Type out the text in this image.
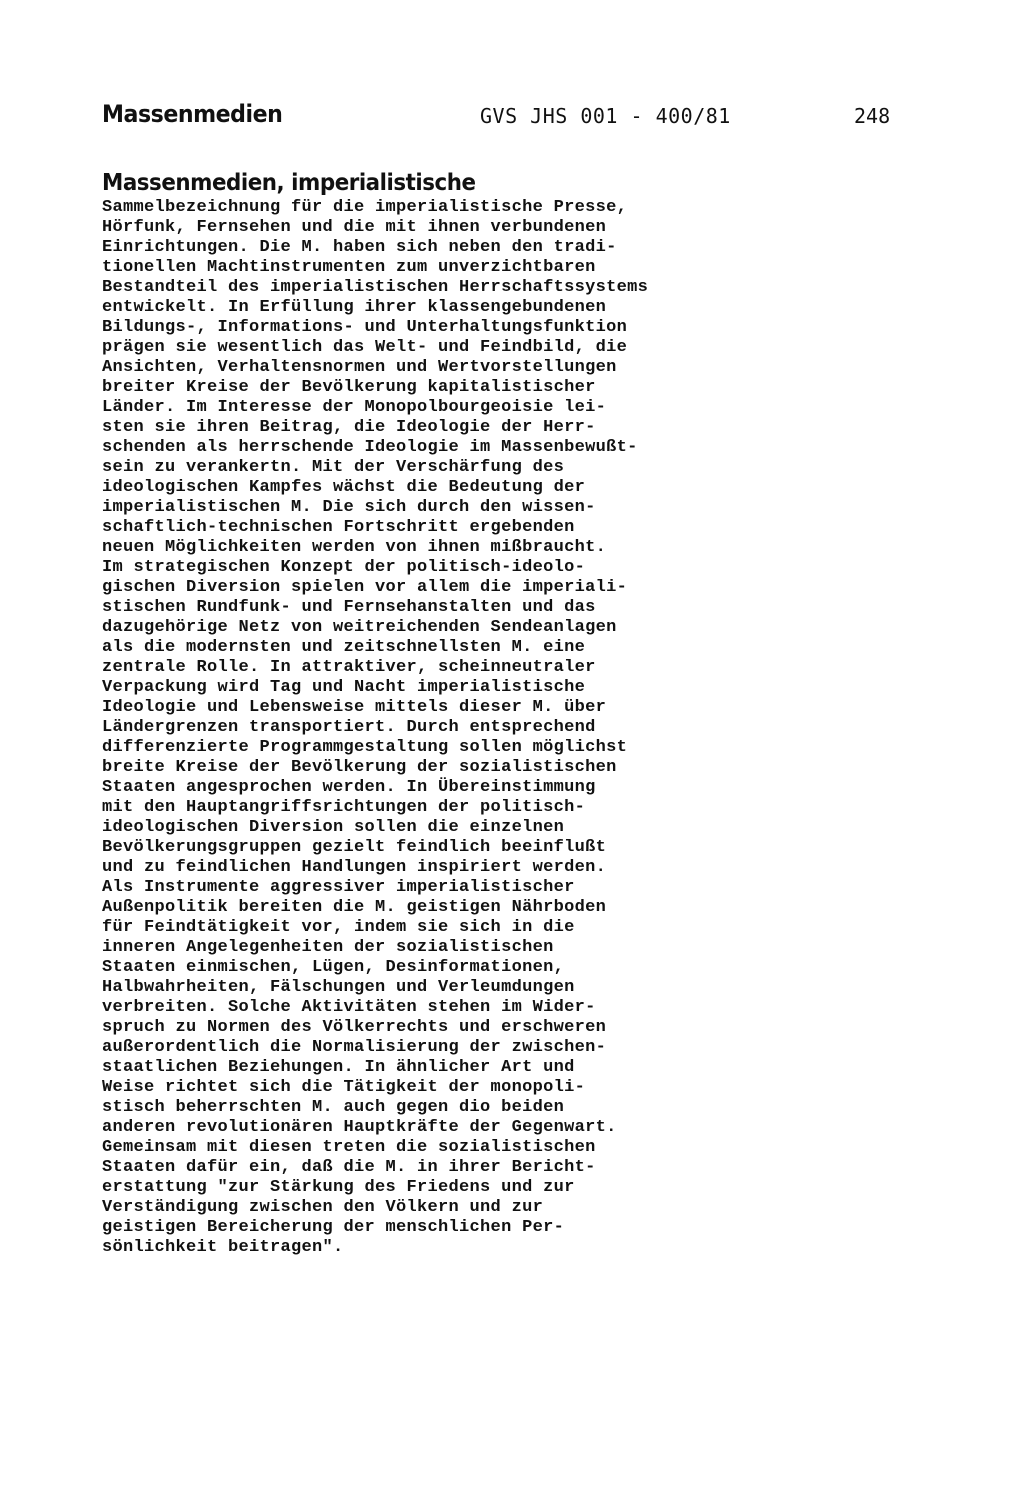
Massenmedien	GVS JHS 001 - 400/81	248
Massenmedien, imperialistische
Sammelbezeichnung für die imperialistische Presse,
Hörfunk, Fernsehen und die mit ihnen verbundenen
Einrichtungen. Die M. haben sich neben den tradi-
tionellen Machtinstrumenten zum unverzichtbaren
Bestandteil des imperialistischen Herrschaftssystems
entwickelt. In Erfüllung ihrer klassengebundenen
Bildungs-, Informations- und Unterhaltungsfunktion
prägen sie wesentlich das Welt- und Feindbild, die
Ansichten, Verhaltensnormen und Wertvorstellungen
breiter Kreise der Bevölkerung kapitalistischer
Länder. Im Interesse der Monopolbourgeoisie lei-
sten sie ihren Beitrag, die Ideologie der Herr-
schenden als herrschende Ideologie im Massenbewußt-
sein zu verankertn. Mit der Verschärfung des
ideologischen Kampfes wächst die Bedeutung der
imperialistischen M. Die sich durch den wissen-
schaftlich-technischen Fortschritt ergebenden
neuen Möglichkeiten werden von ihnen mißbraucht.
Im strategischen Konzept der politisch-ideolo-
gischen Diversion spielen vor allem die imperiali-
stischen Rundfunk- und Fernsehanstalten und das
dazugehörige Netz von weitreichenden Sendeanlagen
als die modernsten und zeitschnellsten M. eine
zentrale Rolle. In attraktiver, scheinneutraler
Verpackung wird Tag und Nacht imperialistische
Ideologie und Lebensweise mittels dieser M. über
Ländergrenzen transportiert. Durch entsprechend
differenzierte Programmgestaltung sollen möglichst
breite Kreise der Bevölkerung der sozialistischen
Staaten angesprochen werden. In Übereinstimmung
mit den Hauptangriffsrichtungen der politisch-
ideologischen Diversion sollen die einzelnen
Bevölkerungsgruppen gezielt feindlich beeinflußt
und zu feindlichen Handlungen inspiriert werden.
Als Instrumente aggressiver imperialistischer
Außenpolitik bereiten die M. geistigen Nährboden
für Feindtätigkeit vor, indem sie sich in die
inneren Angelegenheiten der sozialistischen
Staaten einmischen, Lügen, Desinformationen,
Halbwahrheiten, Fälschungen und Verleumdungen
verbreiten. Solche Aktivitäten stehen im Wider-
spruch zu Normen des Völkerrechts und erschweren
außerordentlich die Normalisierung der zwischen-
staatlichen Beziehungen. In ähnlicher Art und
Weise richtet sich die Tätigkeit der monopoli-
stisch beherrschten M. auch gegen dio beiden
anderen revolutionären Hauptkräfte der Gegenwart.
Gemeinsam mit diesen treten die sozialistischen
Staaten dafür ein, daß die M. in ihrer Bericht-
erstattung "zur Stärkung des Friedens und zur
Verständigung zwischen den Völkern und zur
geistigen Bereicherung der menschlichen Per-
sönlichkeit beitragen".
